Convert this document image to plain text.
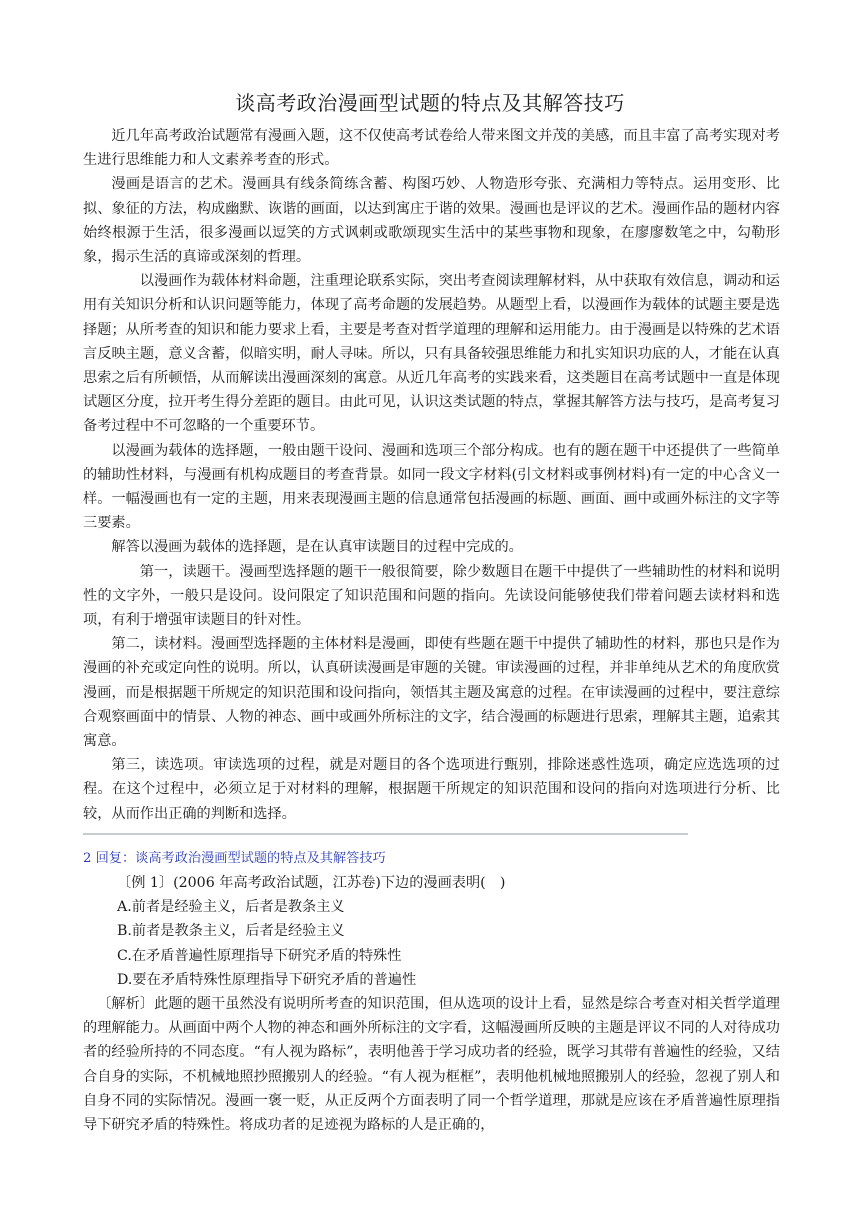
谈高考政治漫画型试题的特点及其解答技巧

近几年高考政治试题常有漫画入题，这不仅使高考试卷给人带来图文并茂的美感，而且丰富了高考实现对考生进行思维能力和人文素养考查的形式。

漫画是语言的艺术。漫画具有线条简练含蓄、构图巧妙、人物造形夸张、充满相力等特点。运用变形、比拟、象征的方法，构成幽默、诙谐的画面，以达到寓庄于谐的效果。漫画也是评议的艺术。漫画作品的题材内容始终根源于生活，很多漫画以逗笑的方式讽刺或歌颂现实生活中的某些事物和现象，在廖廖数笔之中，勾勒形象，揭示生活的真谛或深刻的哲理。

以漫画作为载体材料命题，注重理论联系实际，突出考查阅读理解材料，从中获取有效信息，调动和运用有关知识分析和认识问题等能力，体现了高考命题的发展趋势。从题型上看，以漫画作为载体的试题主要是选择题；从所考查的知识和能力要求上看，主要是考查对哲学道理的理解和运用能力。由于漫画是以特殊的艺术语言反映主题，意义含蓄，似暗实明，耐人寻味。所以，只有具备较强思维能力和扎实知识功底的人，才能在认真思索之后有所顿悟，从而解读出漫画深刻的寓意。从近几年高考的实践来看，这类题目在高考试题中一直是体现试题区分度，拉开考生得分差距的题目。由此可见，认识这类试题的特点，掌握其解答方法与技巧，是高考复习备考过程中不可忽略的一个重要环节。

以漫画为载体的选择题，一般由题干设问、漫画和选项三个部分构成。也有的题在题干中还提供了一些简单的辅助性材料，与漫画有机构成题目的考查背景。如同一段文字材料(引文材料或事例材料)有一定的中心含义一样。一幅漫画也有一定的主题，用来表现漫画主题的信息通常包括漫画的标题、画面、画中或画外标注的文字等三要素。

解答以漫画为载体的选择题，是在认真审读题目的过程中完成的。

第一，读题干。漫画型选择题的题干一般很简要，除少数题目在题干中提供了一些辅助性的材料和说明性的文字外，一般只是设问。设问限定了知识范围和问题的指向。先读设问能够使我们带着问题去读材料和选项，有利于增强审读题目的针对性。

第二，读材料。漫画型选择题的主体材料是漫画，即使有些题在题干中提供了辅助性的材料，那也只是作为漫画的补充或定向性的说明。所以，认真研读漫画是审题的关键。审读漫画的过程，并非单纯从艺术的角度欣赏漫画，而是根据题干所规定的知识范围和设问指向，领悟其主题及寓意的过程。在审读漫画的过程中，要注意综合观察画面中的情景、人物的神态、画中或画外所标注的文字，结合漫画的标题进行思索，理解其主题，追索其寓意。

第三，读选项。审读选项的过程，就是对题目的各个选项进行甄别，排除迷惑性选项，确定应选选项的过程。在这个过程中，必须立足于对材料的理解，根据题干所规定的知识范围和设问的指向对选项进行分析、比较，从而作出正确的判断和选择。

2 回复：谈高考政治漫画型试题的特点及其解答技巧

〔例 1〕(2006 年高考政治试题，江苏卷)下边的漫画表明(　)

A.前者是经验主义，后者是教条主义

B.前者是教条主义，后者是经验主义

C.在矛盾普遍性原理指导下研究矛盾的特殊性

D.要在矛盾特殊性原理指导下研究矛盾的普遍性

〔解析〕此题的题干虽然没有说明所考查的知识范围，但从选项的设计上看，显然是综合考查对相关哲学道理的理解能力。从画面中两个人物的神态和画外所标注的文字看，这幅漫画所反映的主题是评议不同的人对待成功者的经验所持的不同态度。“有人视为路标”，表明他善于学习成功者的经验，既学习其带有普遍性的经验，又结合自身的实际，不机械地照抄照搬别人的经验。“有人视为框框”，表明他机械地照搬别人的经验，忽视了别人和自身不同的实际情况。漫画一褒一贬，从正反两个方面表明了同一个哲学道理，那就是应该在矛盾普遍性原理指导下研究矛盾的特殊性。将成功者的足迹视为路标的人是正确的，
